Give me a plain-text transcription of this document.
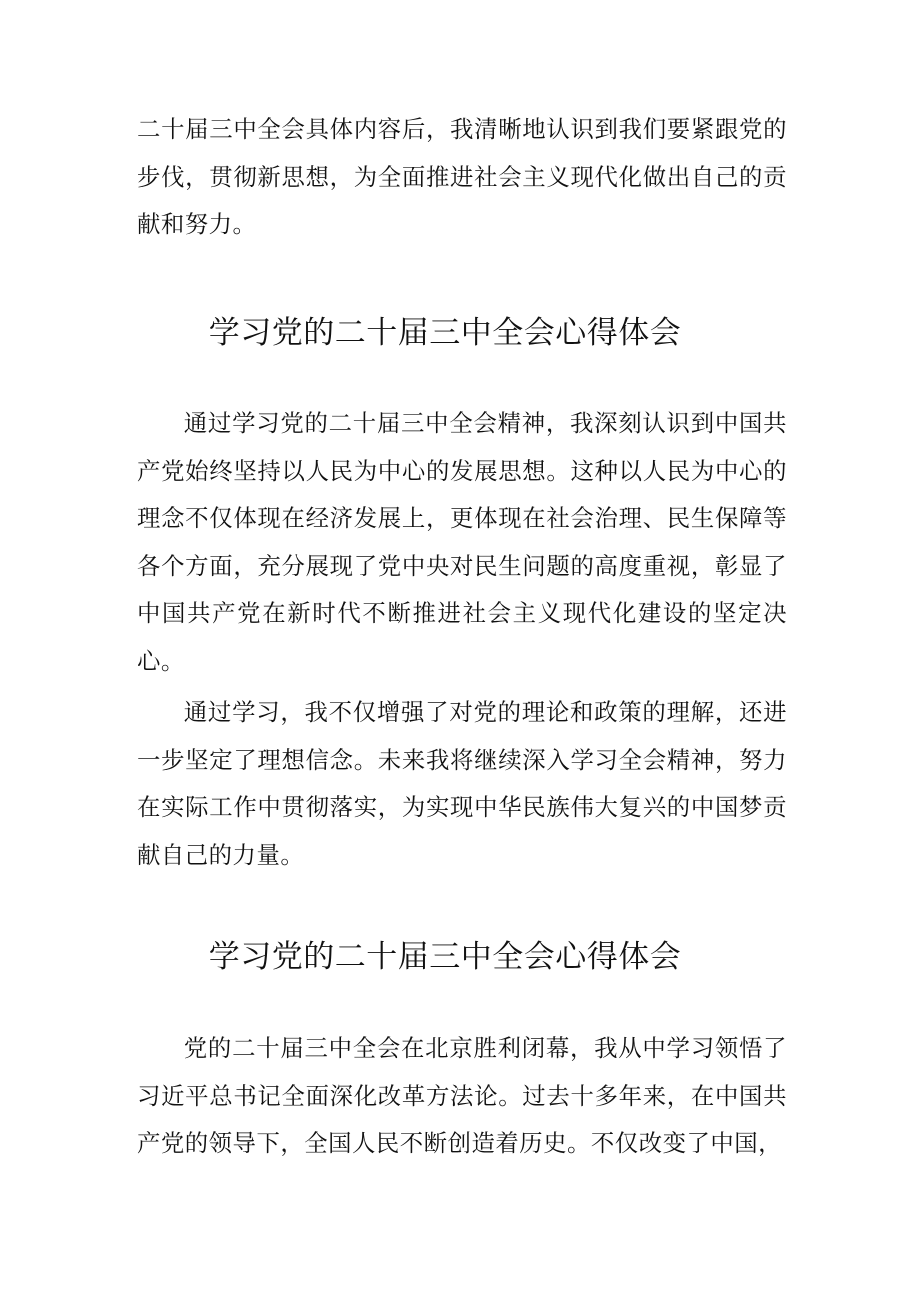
二十届三中全会具体内容后，我清晰地认识到我们要紧跟党的步伐，贯彻新思想，为全面推进社会主义现代化做出自己的贡献和努力。

学习党的二十届三中全会心得体会

通过学习党的二十届三中全会精神，我深刻认识到中国共产党始终坚持以人民为中心的发展思想。这种以人民为中心的理念不仅体现在经济发展上，更体现在社会治理、民生保障等各个方面，充分展现了党中央对民生问题的高度重视，彰显了中国共产党在新时代不断推进社会主义现代化建设的坚定决心。

通过学习，我不仅增强了对党的理论和政策的理解，还进一步坚定了理想信念。未来我将继续深入学习全会精神，努力在实际工作中贯彻落实，为实现中华民族伟大复兴的中国梦贡献自己的力量。

学习党的二十届三中全会心得体会

党的二十届三中全会在北京胜利闭幕，我从中学习领悟了习近平总书记全面深化改革方法论。过去十多年来，在中国共产党的领导下，全国人民不断创造着历史。不仅改变了中国，
